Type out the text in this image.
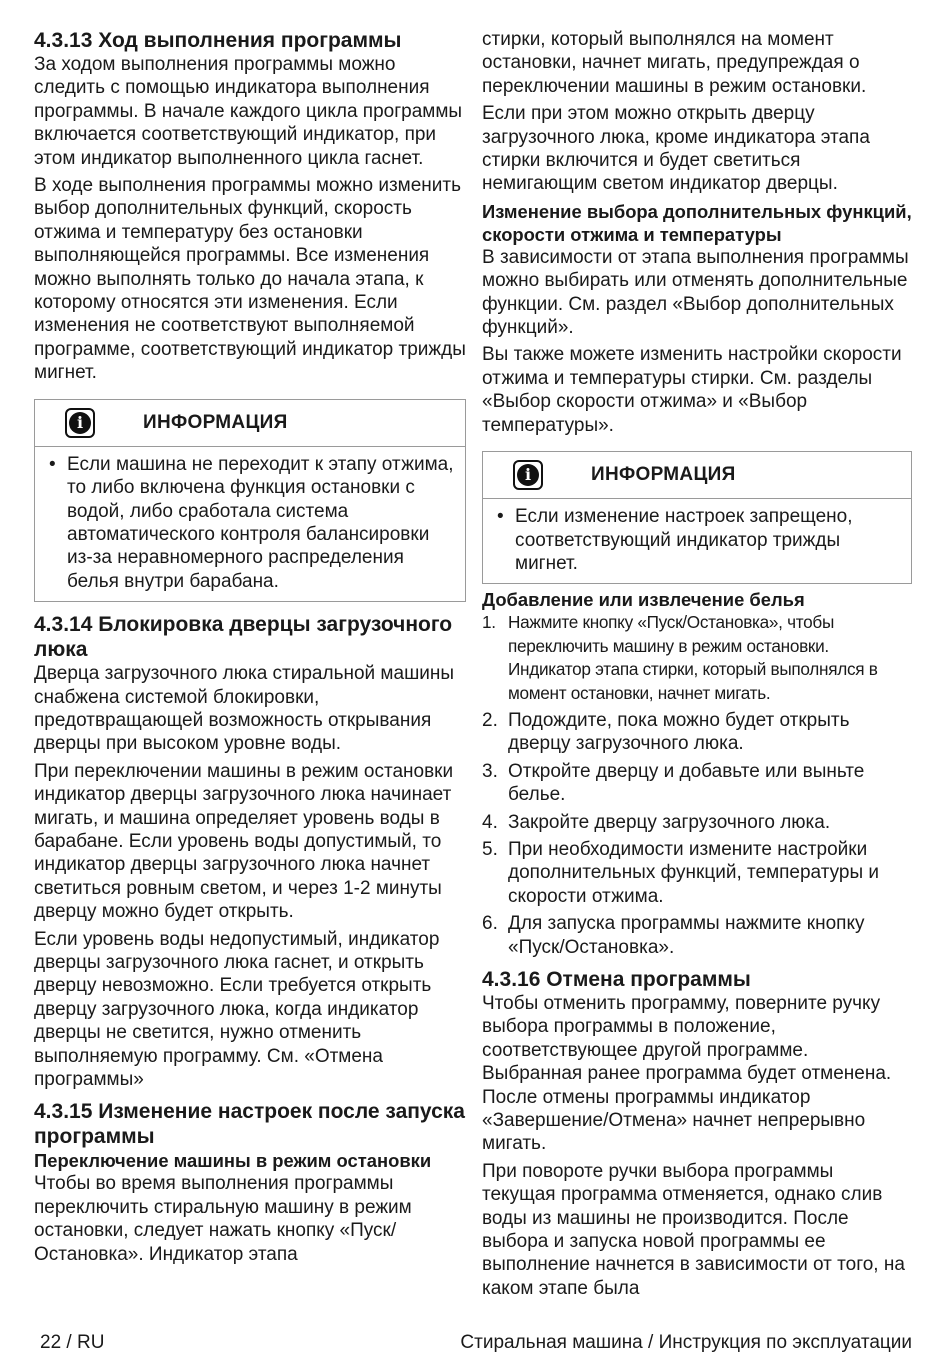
4.3.13 Ход выполнения программы

За ходом выполнения программы можно следить с помощью индикатора выполнения программы. В начале каждого цикла программы включается соответствующий индикатор, при этом индикатор выполненного цикла гаснет.

В ходе выполнения программы можно изменить выбор дополнительных функций, скорость отжима и температуру без остановки выполняющейся программы. Все изменения можно выполнять только до начала этапа, к которому относятся эти изменения. Если изменения не соответствуют выполняемой программе, соответствующий индикатор трижды мигнет.

i	ИНФОРМАЦИЯ
• Если машина не переходит к этапу отжима, то либо включена функция остановки с водой, либо сработала система автоматического контроля балансировки из-за неравномерного распределения белья внутри барабана.
4.3.14 Блокировка дверцы загрузочного люка

Дверца загрузочного люка стиральной машины снабжена системой блокировки, предотвращающей возможность открывания дверцы при высоком уровне воды.

При переключении машины в режим остановки индикатор дверцы загрузочного люка начинает мигать, и машина определяет уровень воды в барабане. Если уровень воды допустимый, то индикатор дверцы загрузочного люка начнет светиться ровным светом, и через 1-2 минуты дверцу можно будет открыть.

Если уровень воды недопустимый, индикатор дверцы загрузочного люка гаснет, и открыть дверцу невозможно. Если требуется открыть дверцу загрузочного люка, когда индикатор дверцы не светится, нужно отменить выполняемую программу. См. «Отмена программы»

4.3.15 Изменение настроек после запуска программы
Переключение машины в режим остановки

Чтобы во время выполнения программы переключить стиральную машину в режим остановки, следует нажать кнопку «Пуск/Остановка». Индикатор этапа

стирки, который выполнялся на момент остановки, начнет мигать, предупреждая о переключении машины в режим остановки.

Если при этом можно открыть дверцу загрузочного люка, кроме индикатора этапа стирки включится и будет светиться немигающим светом индикатор дверцы.

Изменение выбора дополнительных функций, скорости отжима и температуры

В зависимости от этапа выполнения программы можно выбирать или отменять дополнительные функции. См. раздел «Выбор дополнительных функций».

Вы также можете изменить настройки скорости отжима и температуры стирки. См. разделы «Выбор скорости отжима» и «Выбор температуры».

i	ИНФОРМАЦИЯ
• Если изменение настроек запрещено, соответствующий индикатор трижды мигнет.
Добавление или извлечение белья
1. Нажмите кнопку «Пуск/Остановка», чтобы переключить машину в режим остановки. Индикатор этапа стирки, который выполнялся в момент остановки, начнет мигать.
2. Подождите, пока можно будет открыть дверцу загрузочного люка.
3. Откройте дверцу и добавьте или выньте белье.
4. Закройте дверцу загрузочного люка.
5. При необходимости измените настройки дополнительных функций, температуры и скорости отжима.
6. Для запуска программы нажмите кнопку «Пуск/Остановка».
4.3.16 Отмена программы

Чтобы отменить программу, поверните ручку выбора программы в положение, соответствующее другой программе. Выбранная ранее программа будет отменена. После отмены программы индикатор «Завершение/Отмена» начнет непрерывно мигать.

При повороте ручки выбора программы текущая программа отменяется, однако слив воды из машины не производится. После выбора и запуска новой программы ее выполнение начнется в зависимости от того, на каком этапе была

22 / RU	Стиральная машина / Инструкция по эксплуатации
